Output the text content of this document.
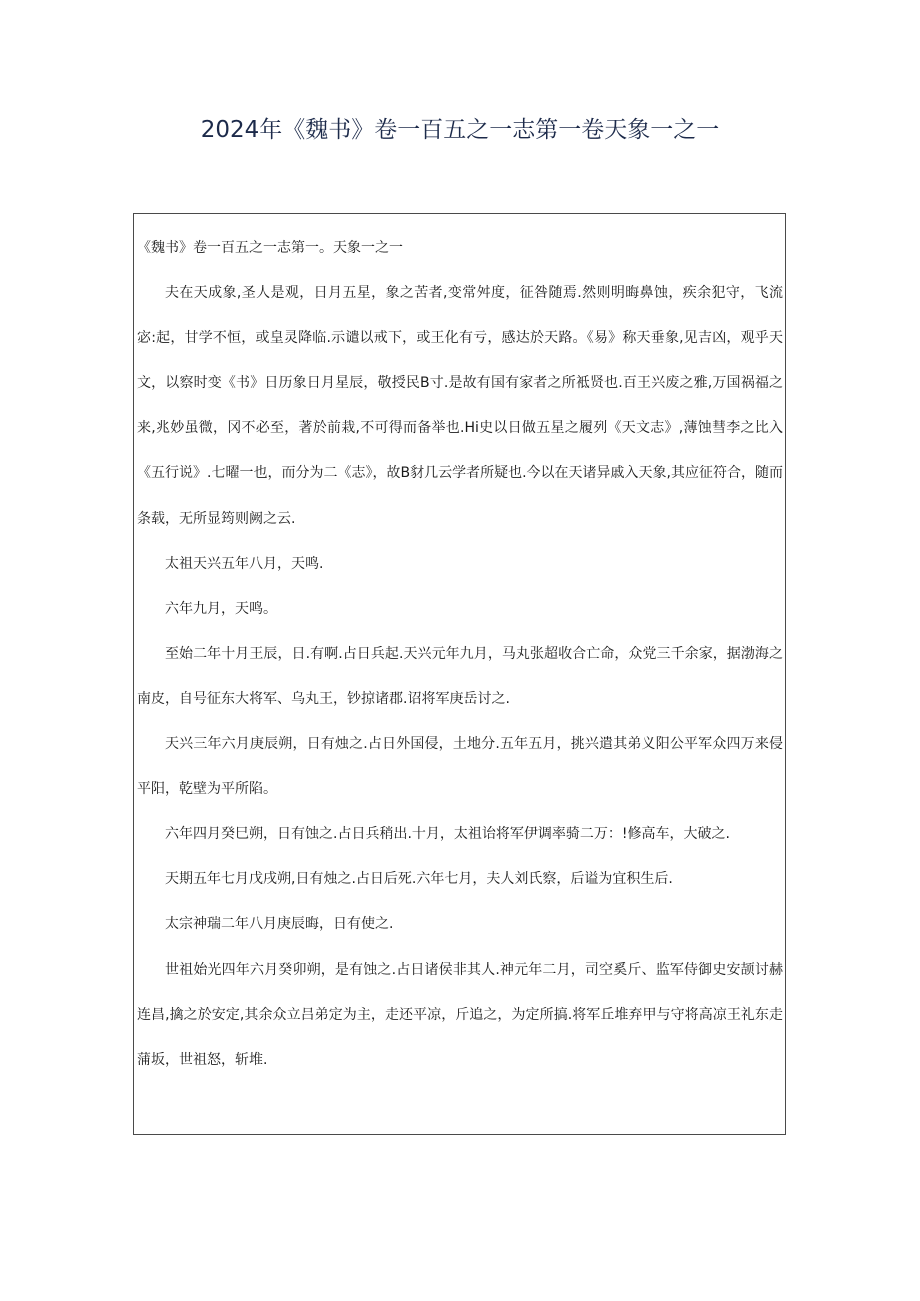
2024年《魏书》卷一百五之一志第一卷天象一之一

《魏书》卷一百五之一志第一。天象一之一

夫在天成象,圣人是观，日月五星，象之苦者,变常舛度，征咎随焉.然则明晦鼻蚀，疾余犯守，飞流宓:起，甘学不恒，或皇灵降临.示谴以戒下，或王化有亏，感达於天路。《易》称天垂象,见吉凶，观乎天文，以察时变《书》日历象日月星辰，敬授民B寸.是故有国有家者之所袛贤也.百王兴废之雅,万国祸福之来,兆妙虽微，冈不必至，著於前栽,不可得而备举也.Hi史以日做五星之履列《天文志》,薄蚀彗李之比入《五行说》.七曜一也，而分为二《志》，故B豺几云学者所疑也.今以在天诸异戚入天象,其应征符合，随而条载，无所显筠则阙之云.

太祖天兴五年八月，天鸣.

六年九月，天鸣。

至始二年十月王辰，日.有啊.占日兵起.天兴元年九月，马丸张超收合亡命，众党三千余家，据渤海之南皮，自号征东大将军、乌丸王，钞掠诸郡.诏将军庚岳讨之.

天兴三年六月庚辰朔，日有烛之.占日外国侵，土地分.五年五月，挑兴遣其弟义阳公平军众四万来侵平阳，乾壁为平所陷。

六年四月癸巳朔，日有蚀之.占日兵稍出.十月，太祖诒将军伊调率骑二万：!修高车，大破之.

天期五年七月戊戌朔,日有烛之.占日后死.六年七月，夫人刘氏察，后谥为宜积生后.

太宗神瑞二年八月庚辰晦，日有使之.

世祖始光四年六月癸卯朔，是有蚀之.占日诸侯非其人.神元年二月，司空奚斤、监军侍御史安颉讨赫连昌,擒之於安定,其余众立吕弟定为主，走还平凉，斤追之，为定所搞.将军丘堆弃甲与守将高凉王礼东走蒲坂，世祖怒，斩堆.
